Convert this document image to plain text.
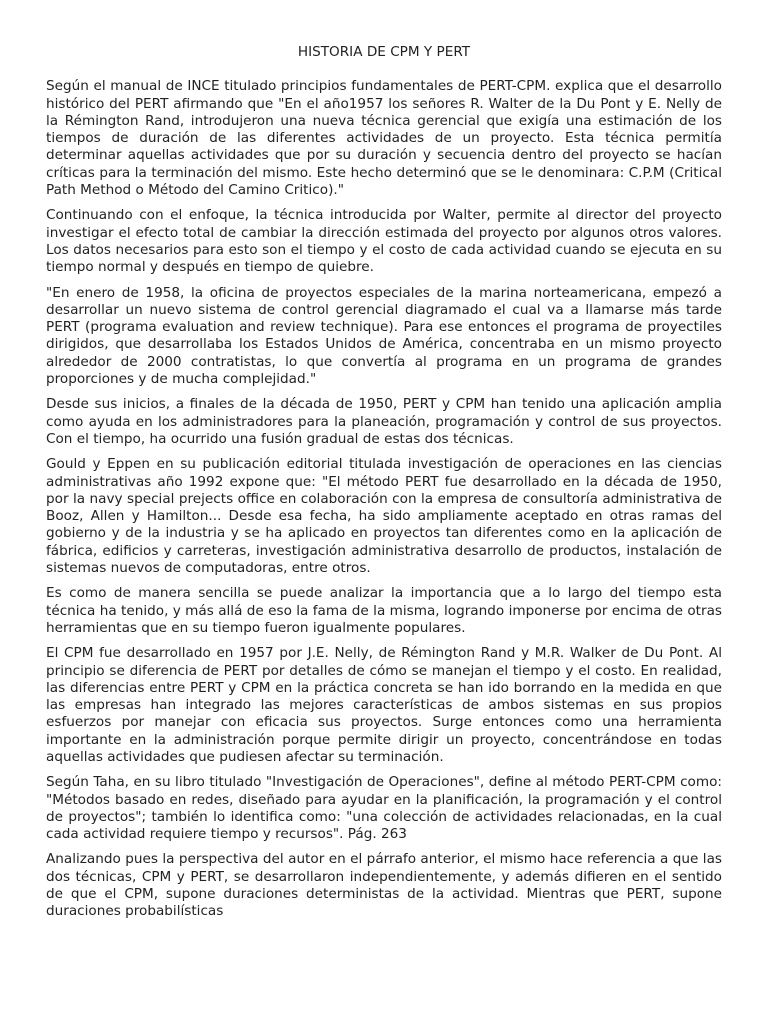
HISTORIA DE CPM Y PERT

Según el manual de INCE titulado principios fundamentales de PERT-CPM. explica que el desarrollo histórico del PERT afirmando que "En el año1957 los señores R. Walter de la Du Pont y E. Nelly de la Rémington Rand, introdujeron una nueva técnica gerencial que exigía una estimación de los tiempos de duración de las diferentes actividades de un proyecto. Esta técnica permitía determinar aquellas actividades que por su duración y secuencia dentro del proyecto se hacían críticas para la terminación del mismo. Este hecho determinó que se le denominara: C.P.M (Critical Path Method o Método del Camino Critico)."

Continuando con el enfoque, la técnica introducida por Walter, permite al director del proyecto investigar el efecto total de cambiar la dirección estimada del proyecto por algunos otros valores. Los datos necesarios para esto son el tiempo y el costo de cada actividad cuando se ejecuta en su tiempo normal y después en tiempo de quiebre.

"En enero de 1958, la oficina de proyectos especiales de la marina norteamericana, empezó a desarrollar un nuevo sistema de control gerencial diagramado el cual va a llamarse más tarde PERT (programa evaluation and review technique). Para ese entonces el programa de proyectiles dirigidos, que desarrollaba los Estados Unidos de América, concentraba en un mismo proyecto alrededor de 2000 contratistas, lo que convertía al programa en un programa de grandes proporciones y de mucha complejidad."

Desde sus inicios, a finales de la década de 1950, PERT y CPM han tenido una aplicación amplia como ayuda en los administradores para la planeación, programación y control de sus proyectos. Con el tiempo, ha ocurrido una fusión gradual de estas dos técnicas.

Gould y Eppen en su publicación editorial titulada investigación de operaciones en las ciencias administrativas año 1992 expone que: "El método PERT fue desarrollado en la década de 1950, por la navy special prejects office en colaboración con la empresa de consultoría administrativa de Booz, Allen y Hamilton... Desde esa fecha, ha sido ampliamente aceptado en otras ramas del gobierno y de la industria y se ha aplicado en proyectos tan diferentes como en la aplicación de fábrica, edificios y carreteras, investigación administrativa desarrollo de productos, instalación de sistemas nuevos de computadoras, entre otros.

Es como de manera sencilla se puede analizar la importancia que a lo largo del tiempo esta técnica ha tenido, y más allá de eso la fama de la misma, logrando imponerse por encima de otras herramientas que en su tiempo fueron igualmente populares.

El CPM fue desarrollado en 1957 por J.E. Nelly, de Rémington Rand y M.R. Walker de Du Pont. Al principio se diferencia de PERT por detalles de cómo se manejan el tiempo y el costo. En realidad, las diferencias entre PERT y CPM en la práctica concreta se han ido borrando en la medida en que las empresas han integrado las mejores características de ambos sistemas en sus propios esfuerzos por manejar con eficacia sus proyectos. Surge entonces como una herramienta importante en la administración porque permite dirigir un proyecto, concentrándose en todas aquellas actividades que pudiesen afectar su terminación.

Según Taha, en su libro titulado "Investigación de Operaciones", define al método PERT-CPM como: "Métodos basado en redes, diseñado para ayudar en la planificación, la programación y el control de proyectos"; también lo identifica como: "una colección de actividades relacionadas, en la cual cada actividad requiere tiempo y recursos". Pág. 263

Analizando pues la perspectiva del autor en el párrafo anterior, el mismo hace referencia a que las dos técnicas, CPM y PERT, se desarrollaron independientemente, y además difieren en el sentido de que el CPM, supone duraciones deterministas de la actividad. Mientras que PERT, supone duraciones probabilísticas
